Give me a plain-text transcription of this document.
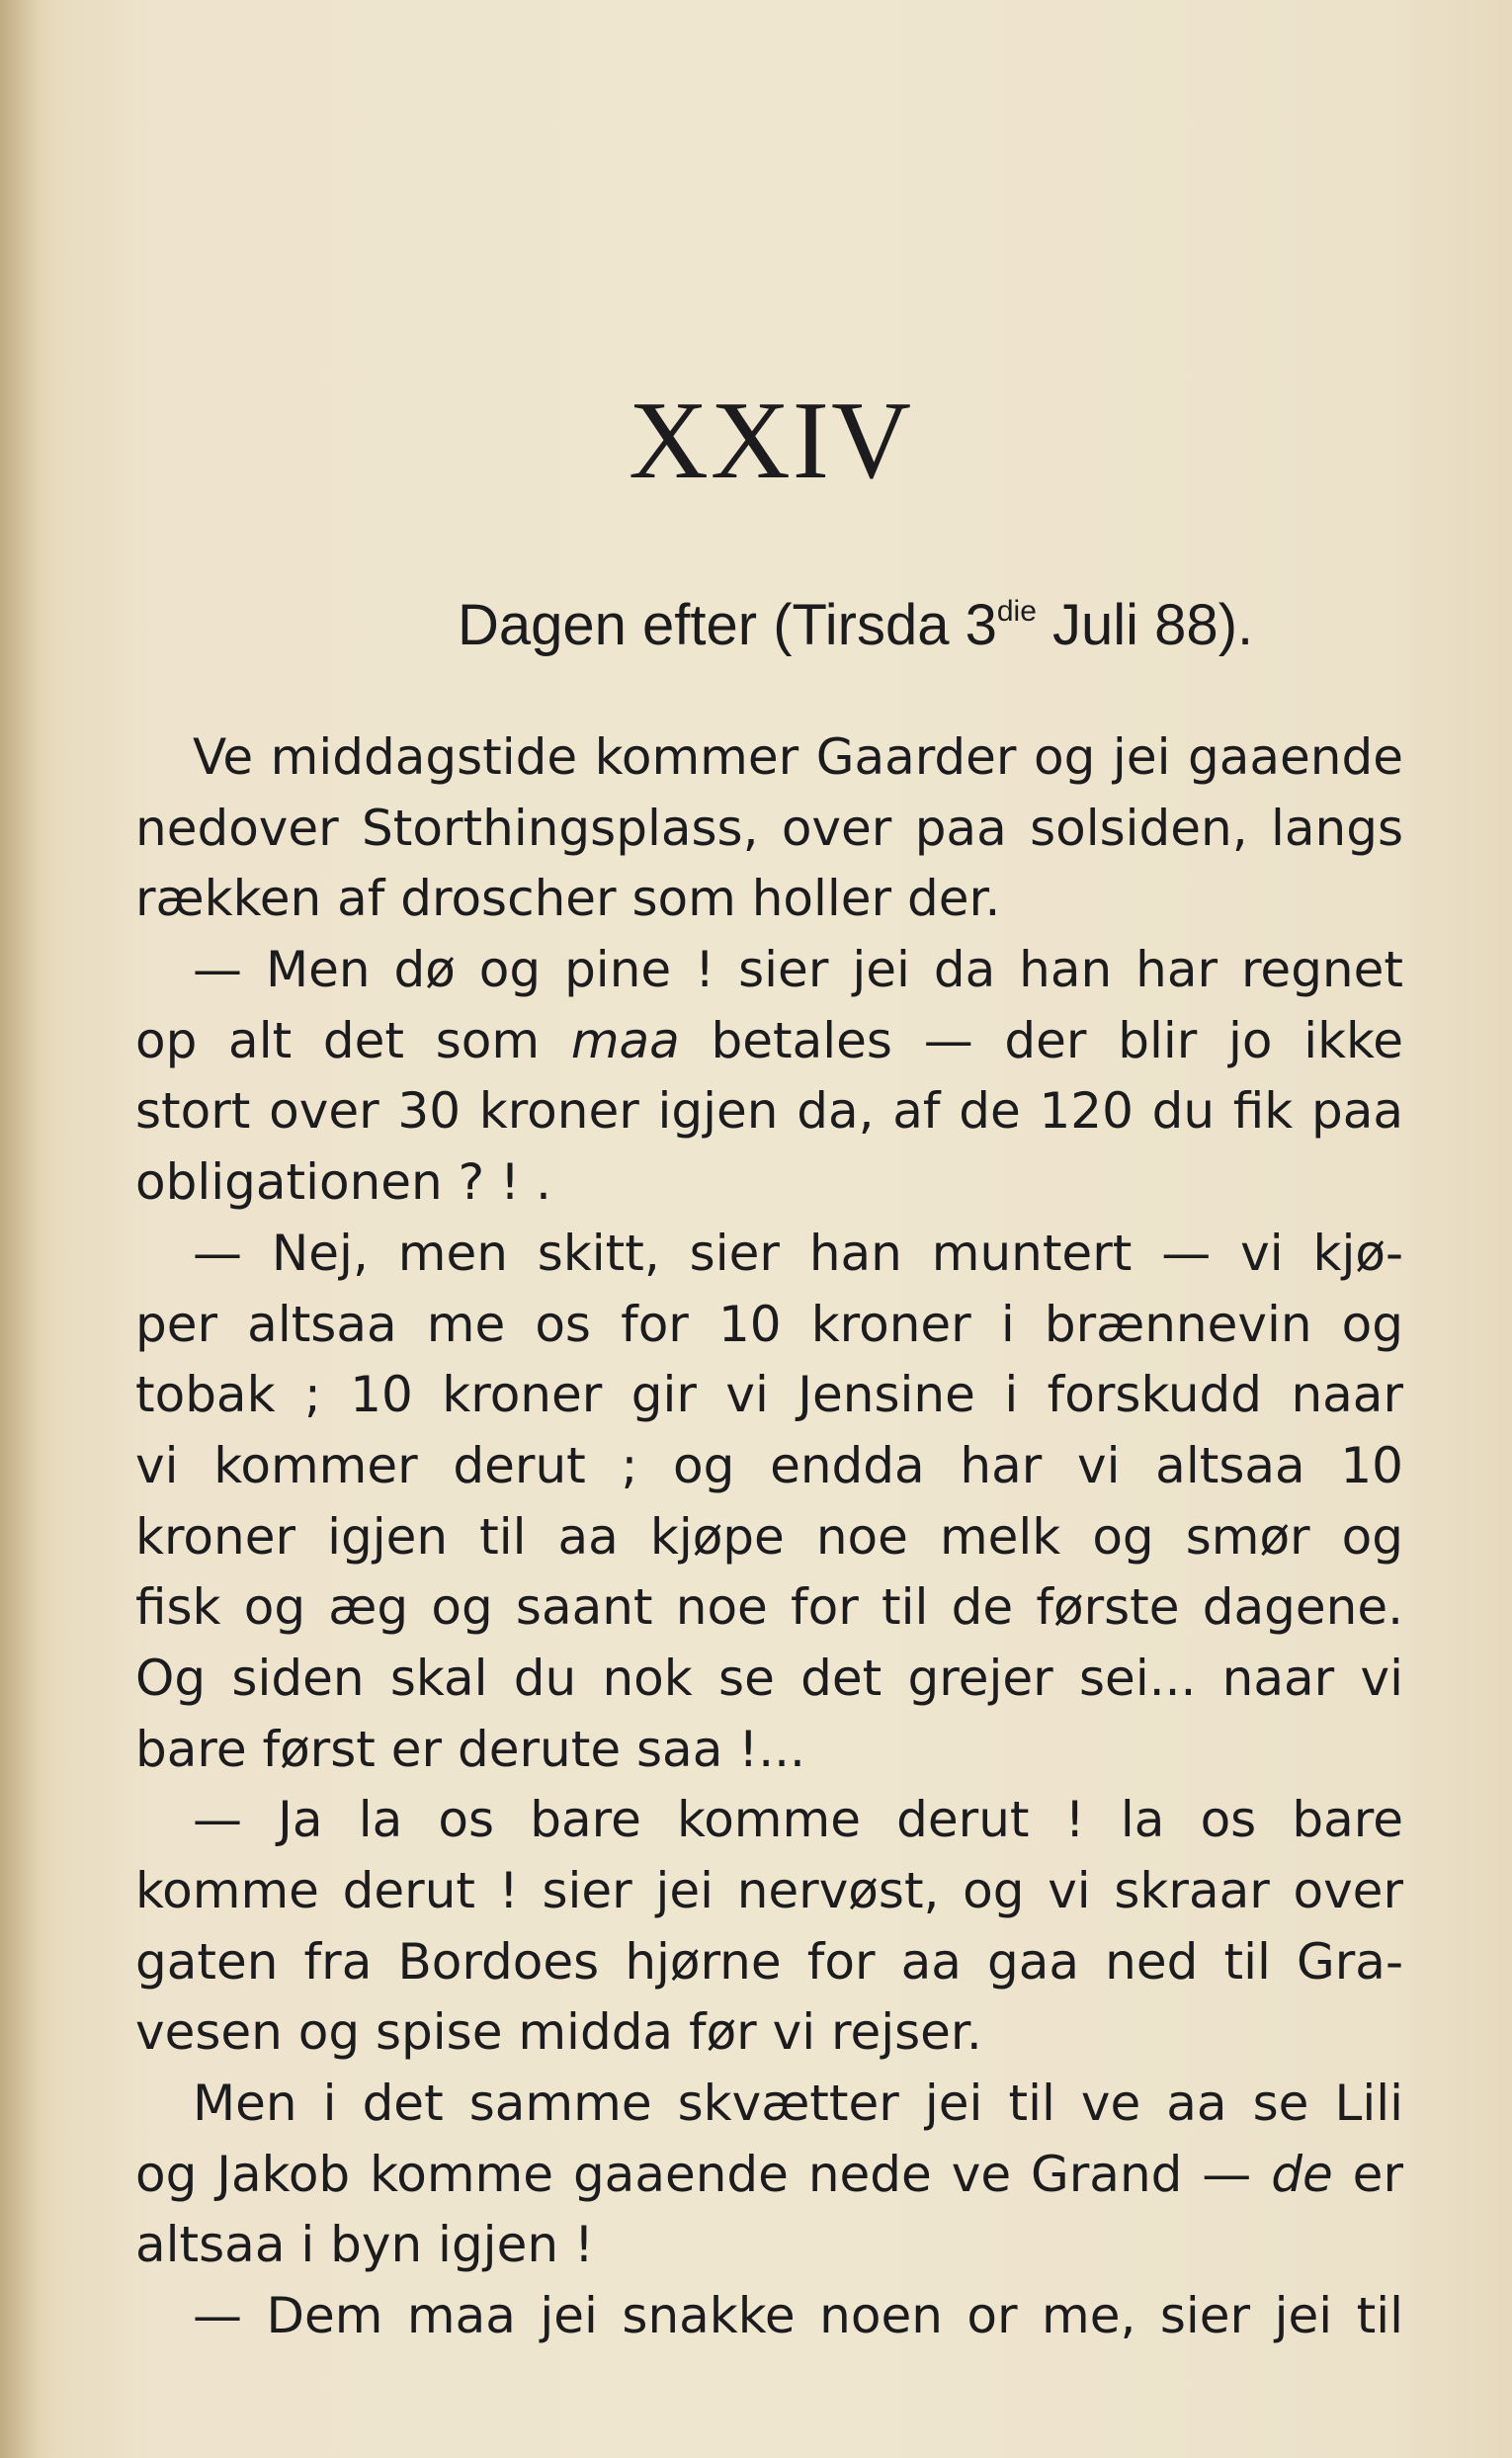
XXIV
Dagen efter (Tirsda $3^{die}$ Juli 88).
Ve middagstide kommer Gaarder og jei gaaende
nedover Storthingsplass, over paa solsiden, langs
rækken af droscher som holler der.
— Men dø og pine ! sier jei da han har regnet
op alt det som maa betales — der blir jo ikke
stort over 30 kroner igjen da, af de 120 du fik paa
obligationen ? ! .
— Nej, men skitt, sier han muntert — vi kjø-
per altsaa me os for 10 kroner i brænnevin og
tobak ; 10 kroner gir vi Jensine i forskudd naar
vi kommer derut ; og endda har vi altsaa 10
kroner igjen til aa kjøpe noe melk og smør og
fisk og æg og saant noe for til de første dagene.
Og siden skal du nok se det grejer sei... naar vi
bare først er derute saa !...
— Ja la os bare komme derut ! la os bare
komme derut ! sier jei nervøst, og vi skraar over
gaten fra Bordoes hjørne for aa gaa ned til Gra-
vesen og spise midda før vi rejser.
Men i det samme skvætter jei til ve aa se Lili
og Jakob komme gaaende nede ve Grand — de er
altsaa i byn igjen !
— Dem maa jei snakke noen or me, sier jei til
